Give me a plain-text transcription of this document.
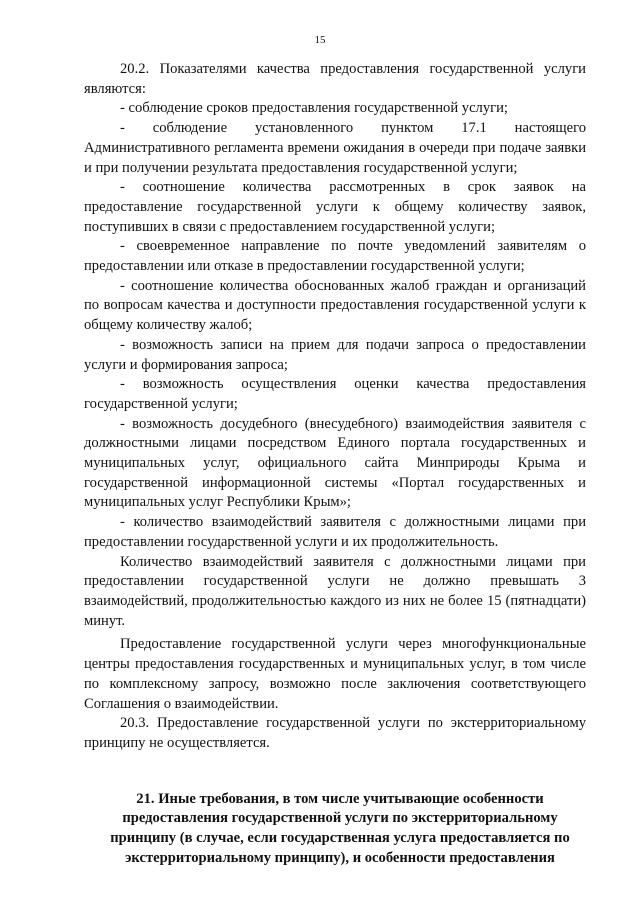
15

20.2. Показателями качества предоставления государственной услуги являются:

- соблюдение сроков предоставления государственной услуги;

- соблюдение установленного пунктом 17.1 настоящего Административного регламента времени ожидания в очереди при подаче заявки и при получении результата предоставления государственной услуги;

- соотношение количества рассмотренных в срок заявок на предоставление государственной услуги к общему количеству заявок, поступивших в связи с предоставлением государственной услуги;

- своевременное направление по почте уведомлений заявителям о предоставлении или отказе в предоставлении государственной услуги;

- соотношение количества обоснованных жалоб граждан и организаций по вопросам качества и доступности предоставления государственной услуги к общему количеству жалоб;

- возможность записи на прием для подачи запроса о предоставлении услуги и формирования запроса;

- возможность осуществления оценки качества предоставления государственной услуги;

- возможность досудебного (внесудебного) взаимодействия заявителя с должностными лицами посредством Единого портала государственных и муниципальных услуг, официального сайта Минприроды Крыма и государственной информационной системы «Портал государственных и муниципальных услуг Республики Крым»;

- количество взаимодействий заявителя с должностными лицами при предоставлении государственной услуги и их продолжительность.

Количество взаимодействий заявителя с должностными лицами при предоставлении государственной услуги не должно превышать 3 взаимодействий, продолжительностью каждого из них не более 15 (пятнадцати) минут.

Предоставление государственной услуги через многофункциональные центры предоставления государственных и муниципальных услуг, в том числе по комплексному запросу, возможно после заключения соответствующего Соглашения о взаимодействии.

20.3. Предоставление государственной услуги по экстерриториальному принципу не осуществляется.

21. Иные требования, в том числе учитывающие особенности предоставления государственной услуги по экстерриториальному принципу (в случае, если государственная услуга предоставляется по экстерриториальному принципу), и особенности предоставления
